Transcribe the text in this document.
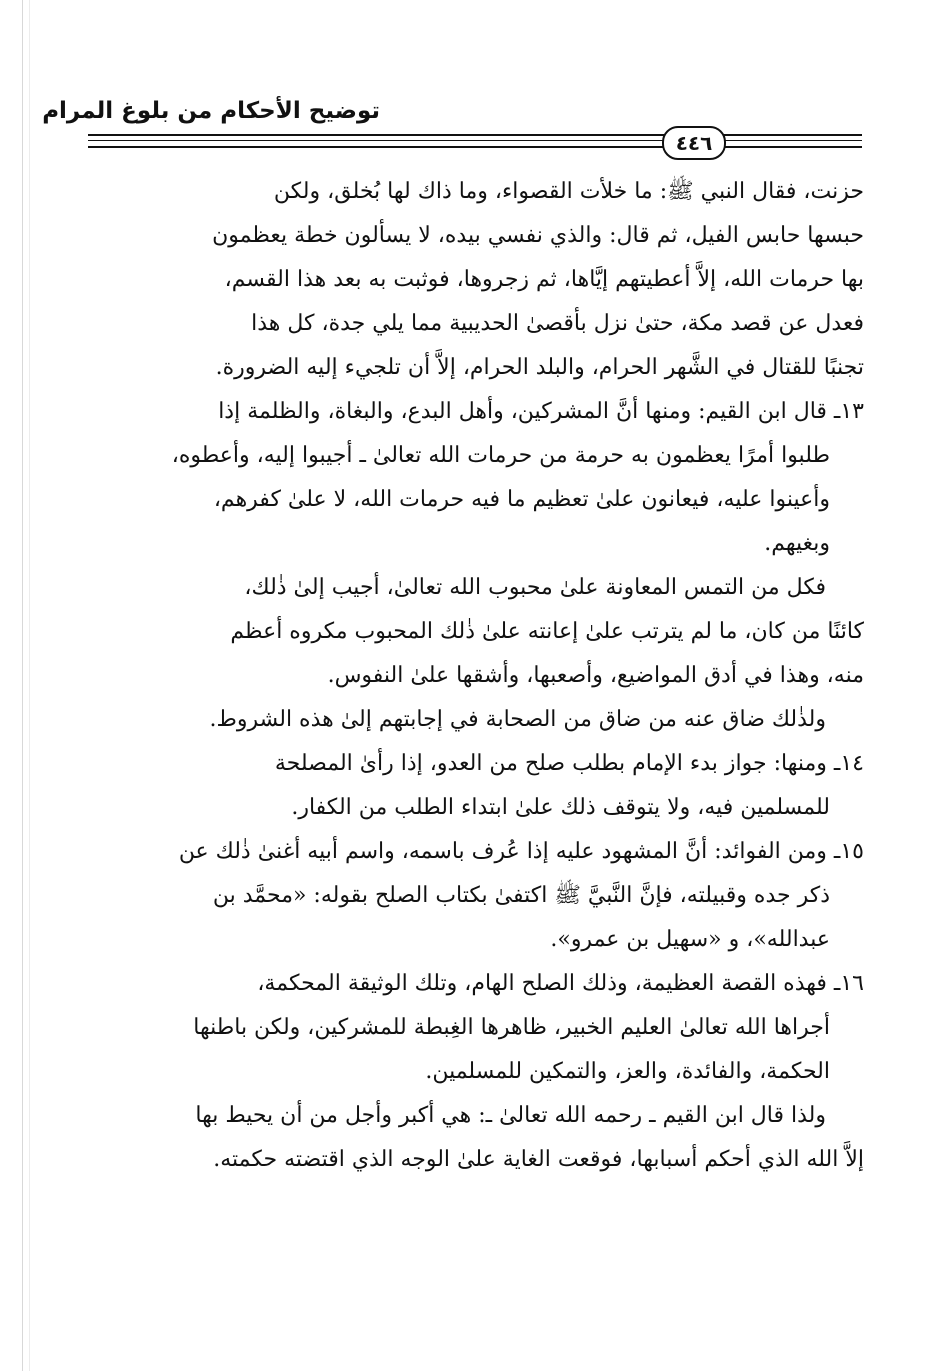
توضيح الأحكام من بلوغ المرام
٤٤٦

حزنت، فقال النبي ﷺ: ما خلأت القصواء، وما ذاك لها بُخلق، ولكن

حبسها حابس الفيل، ثم قال: والذي نفسي بيده، لا يسألون خطة يعظمون

بها حرمات الله، إلاَّ أعطيتهم إيَّاها، ثم زجروها، فوثبت به بعد هذا القسم،

فعدل عن قصد مكة، حتىٰ نزل بأقصىٰ الحديبية مما يلي جدة، كل هذا

تجنبًا للقتال في الشَّهر الحرام، والبلد الحرام، إلاَّ أن تلجيء إليه الضرورة.

١٣ـ قال ابن القيم: ومنها أنَّ المشركين، وأهل البدع، والبغاة، والظلمة إذا

طلبوا أمرًا يعظمون به حرمة من حرمات الله تعالىٰ ـ أجيبوا إليه، وأعطوه،

وأعينوا عليه، فيعانون علىٰ تعظيم ما فيه حرمات الله، لا علىٰ كفرهم،

وبغيهم.

فكل من التمس المعاونة علىٰ محبوب الله تعالىٰ، أجيب إلىٰ ذٰلك،

كائنًا من كان، ما لم يترتب علىٰ إعانته علىٰ ذٰلك المحبوب مكروه أعظم

منه، وهذا في أدق المواضيع، وأصعبها، وأشقها علىٰ النفوس.

ولذٰلك ضاق عنه من ضاق من الصحابة في إجابتهم إلىٰ هذه الشروط.

١٤ـ ومنها: جواز بدء الإمام بطلب صلح من العدو، إذا رأىٰ المصلحة

للمسلمين فيه، ولا يتوقف ذلك علىٰ ابتداء الطلب من الكفار.

١٥ـ ومن الفوائد: أنَّ المشهود عليه إذا عُرف باسمه، واسم أبيه أغنىٰ ذٰلك عن

ذكر جده وقبيلته، فإنَّ النَّبيَّ ﷺ اكتفىٰ بكتاب الصلح بقوله: «محمَّد بن

عبدالله»، و «سهيل بن عمرو».

١٦ـ فهذه القصة العظيمة، وذلك الصلح الهام، وتلك الوثيقة المحكمة،

أجراها الله تعالىٰ العليم الخبير، ظاهرها الغِبطة للمشركين، ولكن باطنها

الحكمة، والفائدة، والعز، والتمكين للمسلمين.

ولذا قال ابن القيم ـ رحمه الله تعالىٰ ـ: هي أكبر وأجل من أن يحيط بها

إلاَّ الله الذي أحكم أسبابها، فوقعت الغاية علىٰ الوجه الذي اقتضته حكمته.
